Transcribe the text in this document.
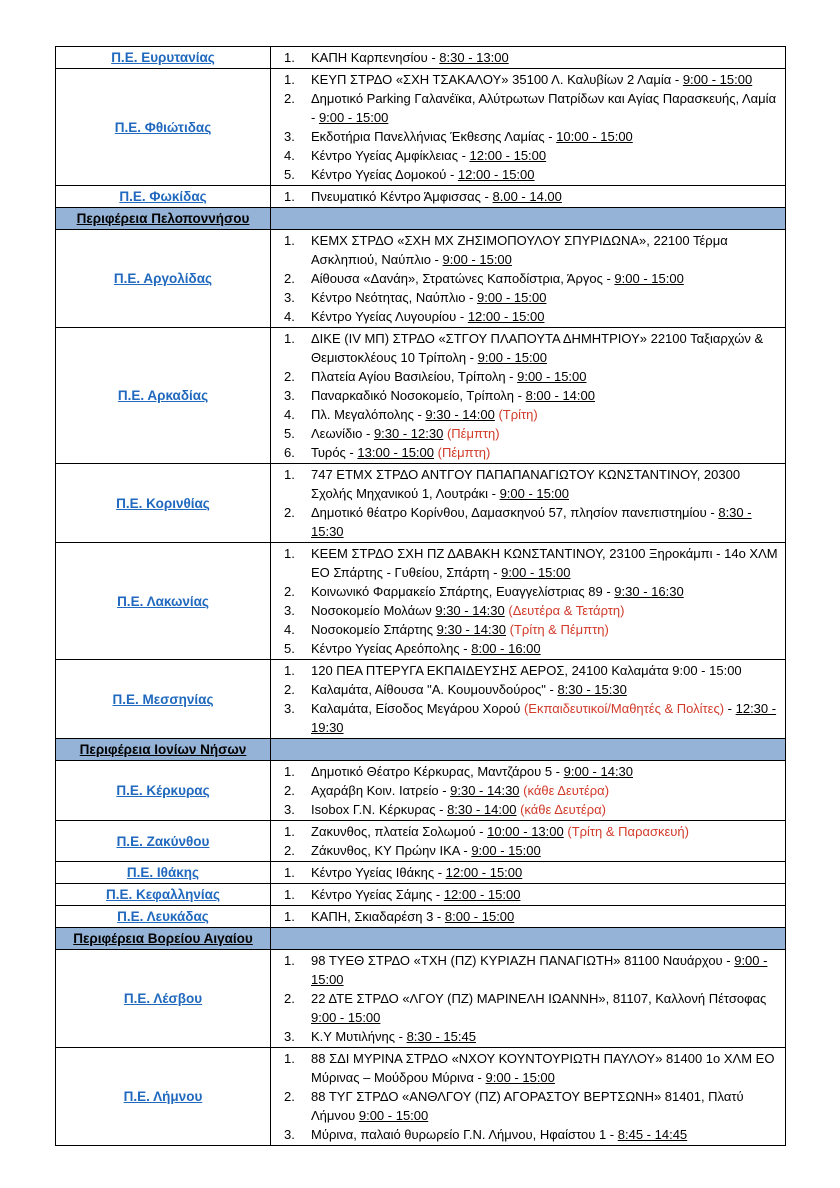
Π.Ε. Ευρυτανίας	1. ΚΑΠΗ Καρπενησίου - 8:30 - 13:00

Π.Ε. Φθιώτιδας	
1.	ΚΕΥΠ ΣΤΡΔΟ «ΣΧΗ ΤΣΑΚΑΛΟΥ» 35100 Λ. Καλυβίων 2 Λαμία - 9:00 - 15:00
2.	Δημοτικό Parking Γαλανέϊκα, Αλύτρωτων Πατρίδων και Αγίας Παρασκευής, Λαμία - 9:00 - 15:00
3.	Εκδοτήρια Πανελλήνιας Έκθεσης Λαμίας - 10:00 - 15:00
4.	Κέντρο Υγείας Αμφίκλειας - 12:00 - 15:00
5.	Κέντρο Υγείας Δομοκού - 12:00 - 15:00

Π.Ε. Φωκίδας	1. Πνευματικό Κέντρο Άμφισσας - 8.00 - 14.00

Περιφέρεια Πελοποννήσου	
Π.Ε. Αργολίδας	
1.	ΚΕΜΧ ΣΤΡΔΟ «ΣΧΗ ΜΧ ΖΗΣΙΜΟΠΟΥΛΟΥ ΣΠΥΡΙΔΩΝΑ», 22100 Τέρμα Ασκληπιού, Ναύπλιο - 9:00 - 15:00
2.	Αίθουσα «Δανάη», Στρατώνες Καποδίστρια, Άργος - 9:00 - 15:00
3.	Κέντρο Νεότητας, Ναύπλιο - 9:00 - 15:00
4.	Κέντρο Υγείας Λυγουρίου - 12:00 - 15:00

Π.Ε. Αρκαδίας	
1.	ΔΙΚΕ (ΙV ΜΠ) ΣΤΡΔΟ «ΣΤΓΟΥ ΠΛΑΠΟΥΤΑ ΔΗΜΗΤΡΙΟΥ» 22100 Ταξιαρχών & Θεμιστοκλέους 10 Τρίπολη - 9:00 - 15:00
2.	Πλατεία Αγίου Βασιλείου, Τρίπολη - 9:00 - 15:00
3.	Παναρκαδικό Νοσοκομείο, Τρίπολη - 8:00 - 14:00
4.	Πλ. Μεγαλόπολης - 9:30 - 14:00 (Τρίτη)
5.	Λεωνίδιο - 9:30 - 12:30 (Πέμπτη)
6.	Τυρός - 13:00 - 15:00 (Πέμπτη)

Π.Ε. Κορινθίας	1. 747 ΕΤΜΧ ΣΤΡΔΟ ΑΝΤΓΟΥ ΠΑΠΑΠΑΝΑΓΙΩΤΟΥ ΚΩΝΣΤΑΝΤΙΝΟΥ, 20300 Σχολής Μηχανικού 1, Λουτράκι - 9:00 - 15:00
2. Δημοτικό θέατρο Κορίνθου, Δαμασκηνού 57, πλησίον πανεπιστημίου - 8:30 - 15:30

Π.Ε. Λακωνίας	
1.	ΚΕΕΜ ΣΤΡΔΟ ΣΧΗ ΠΖ ΔΑΒΑΚΗ ΚΩΝΣΤΑΝΤΙΝΟΥ, 23100 Ξηροκάμπι - 14ο ΧΛΜ ΕΟ Σπάρτης - Γυθείου, Σπάρτη - 9:00 - 15:00
2.	Κοινωνικό Φαρμακείο Σπάρτης, Ευαγγελίστριας 89 - 9:30 - 16:30
3.	Νοσοκομείο Μολάων 9:30 - 14:30 (Δευτέρα & Τετάρτη)
4.	Νοσοκομείο Σπάρτης 9:30 - 14:30 (Τρίτη & Πέμπτη)
5.	Κέντρο Υγείας Αρεόπολης - 8:00 - 16:00

Π.Ε. Μεσσηνίας	
1.	120 ΠΕΑ ΠΤΕΡΥΓΑ ΕΚΠΑΙΔΕΥΣΗΣ ΑΕΡΟΣ, 24100 Καλαμάτα 9:00 - 15:00
2.	Καλαμάτα, Αίθουσα "Α. Κουμουνδούρος" - 8:30 - 15:30
3.	Καλαμάτα, Είσοδος Μεγάρου Χορού (Εκπαιδευτικοί/Μαθητές & Πολίτες) - 12:30 - 19:30

Περιφέρεια Ιονίων Νήσων	
Π.Ε. Κέρκυρας	
1.	Δημοτικό Θέατρο Κέρκυρας, Μαντζάρου 5 - 9:00 - 14:30
2.	Αχαράβη Κοιν. Ιατρείο - 9:30 - 14:30 (κάθε Δευτέρα)
3.	Isobox Γ.Ν. Κέρκυρας - 8:30 - 14:00 (κάθε Δευτέρα)

Π.Ε. Ζακύνθου	1. Ζακυνθος, πλατεία Σολωμού - 10:00 - 13:00 (Τρίτη & Παρασκευή)
2. Ζάκυνθος, ΚΥ Πρώην ΙΚΑ - 9:00 - 15:00

Π.Ε. Ιθάκης	1. Κέντρο Υγείας Ιθάκης - 12:00 - 15:00

Π.Ε. Κεφαλληνίας	1. Κέντρο Υγείας Σάμης - 12:00 - 15:00

Π.Ε. Λευκάδας	1. ΚΑΠΗ, Σκιαδαρέση 3 - 8:00 - 15:00

Περιφέρεια Βορείου Αιγαίου	
Π.Ε. Λέσβου	
1.	98 ΤΥΕΘ ΣΤΡΔΟ «ΤΧΗ (ΠΖ) ΚΥΡΙΑΖΗ ΠΑΝΑΓΙΩΤΗ» 81100 Ναυάρχου - 9:00 - 15:00
2.	22 ΔΤΕ ΣΤΡΔΟ «ΛΓΟΥ (ΠΖ) ΜΑΡΙΝΕΛΗ ΙΩΑΝΝΗ», 81107, Καλλονή Πέτσοφας 9:00 - 15:00
3.	Κ.Υ Μυτιλήνης - 8:30 - 15:45

Π.Ε. Λήμνου	
1.	88 ΣΔΙ ΜΥΡΙΝΑ ΣΤΡΔΟ «ΝΧΟΥ ΚΟΥΝΤΟΥΡΙΩΤΗ ΠΑΥΛΟΥ» 81400 1ο ΧΛΜ ΕΟ Μύρινας – Μούδρου Μύρινα - 9:00 - 15:00
2.	88 ΤΥΓ ΣΤΡΔΟ «ΑΝΘΛΓΟΥ (ΠΖ) ΑΓΟΡΑΣΤΟΥ ΒΕΡΤΣΩΝΗ» 81401, Πλατύ Λήμνου 9:00 - 15:00
3.	Μύρινα, παλαιό θυρωρείο Γ.Ν. Λήμνου, Ηφαίστου 1 - 8:45 - 14:45
